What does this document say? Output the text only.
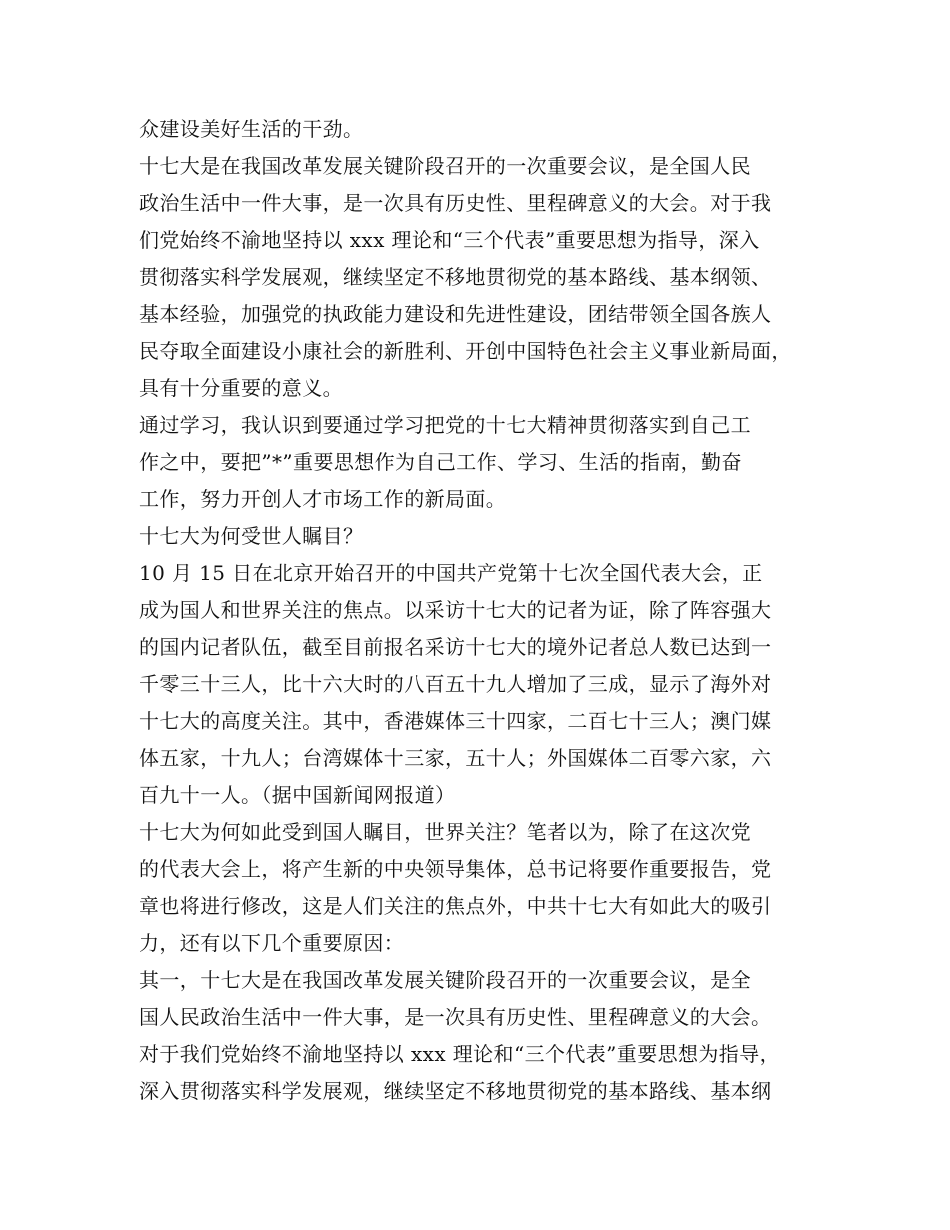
众建设美好生活的干劲。
十七大是在我国改革发展关键阶段召开的一次重要会议，是全国人民
政治生活中一件大事，是一次具有历史性、里程碑意义的大会。对于我
们党始终不渝地坚持以 xxx 理论和“三个代表”重要思想为指导，深入
贯彻落实科学发展观，继续坚定不移地贯彻党的基本路线、基本纲领、
基本经验，加强党的执政能力建设和先进性建设，团结带领全国各族人
民夺取全面建设小康社会的新胜利、开创中国特色社会主义事业新局面，
具有十分重要的意义。
通过学习，我认识到要通过学习把党的十七大精神贯彻落实到自己工
作之中，要把”*”重要思想作为自己工作、学习、生活的指南，勤奋
工作，努力开创人才市场工作的新局面。
十七大为何受世人瞩目？
10 月 15 日在北京开始召开的中国共产党第十七次全国代表大会，正
成为国人和世界关注的焦点。以采访十七大的记者为证，除了阵容强大
的国内记者队伍，截至目前报名采访十七大的境外记者总人数已达到一
千零三十三人，比十六大时的八百五十九人增加了三成，显示了海外对
十七大的高度关注。其中，香港媒体三十四家，二百七十三人；澳门媒
体五家，十九人；台湾媒体十三家，五十人；外国媒体二百零六家，六
百九十一人。（据中国新闻网报道）
十七大为何如此受到国人瞩目，世界关注？笔者以为，除了在这次党
的代表大会上，将产生新的中央领导集体，总书记将要作重要报告，党
章也将进行修改，这是人们关注的焦点外，中共十七大有如此大的吸引
力，还有以下几个重要原因：
其一，十七大是在我国改革发展关键阶段召开的一次重要会议，是全
国人民政治生活中一件大事，是一次具有历史性、里程碑意义的大会。
对于我们党始终不渝地坚持以 xxx 理论和“三个代表”重要思想为指导，
深入贯彻落实科学发展观，继续坚定不移地贯彻党的基本路线、基本纲
